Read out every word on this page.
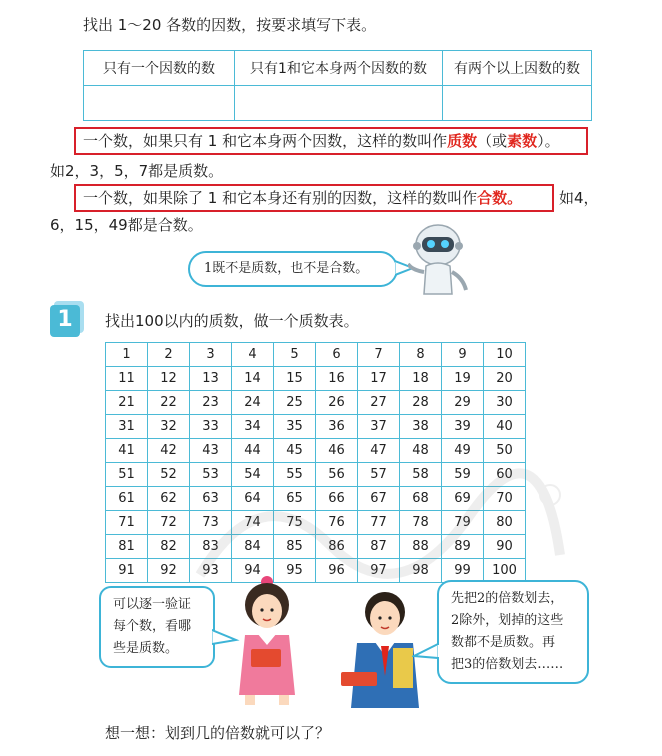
找出 1～20 各数的因数，按要求填写下表。
只有一个因数的数	只有1和它本身两个因数的数	有两个以上因数的数

一个数，如果只有 1 和它本身两个因数，这样的数叫作质数（或素数）。
如2，3，5，7都是质数。
一个数，如果除了 1 和它本身还有别的因数，这样的数叫作合数。 如4，
6，15，49都是合数。
1既不是质数，也不是合数。
1	找出100以内的质数，做一个质数表。
1	2	3	4	5	6	7	8	9	10
11	12	13	14	15	16	17	18	19	20
21	22	23	24	25	26	27	28	29	30
31	32	33	34	35	36	37	38	39	40
41	42	43	44	45	46	47	48	49	50
51	52	53	54	55	56	57	58	59	60
61	62	63	64	65	66	67	68	69	70
71	72	73	74	75	76	77	78	79	80
81	82	83	84	85	86	87	88	89	90
91	92	93	94	95	96	97	98	99	100
可以逐一验证
每个数，看哪
些是质数。
先把2的倍数划去，
2除外，划掉的这些
数都不是质数。再
把3的倍数划去……
想一想：划到几的倍数就可以了？
